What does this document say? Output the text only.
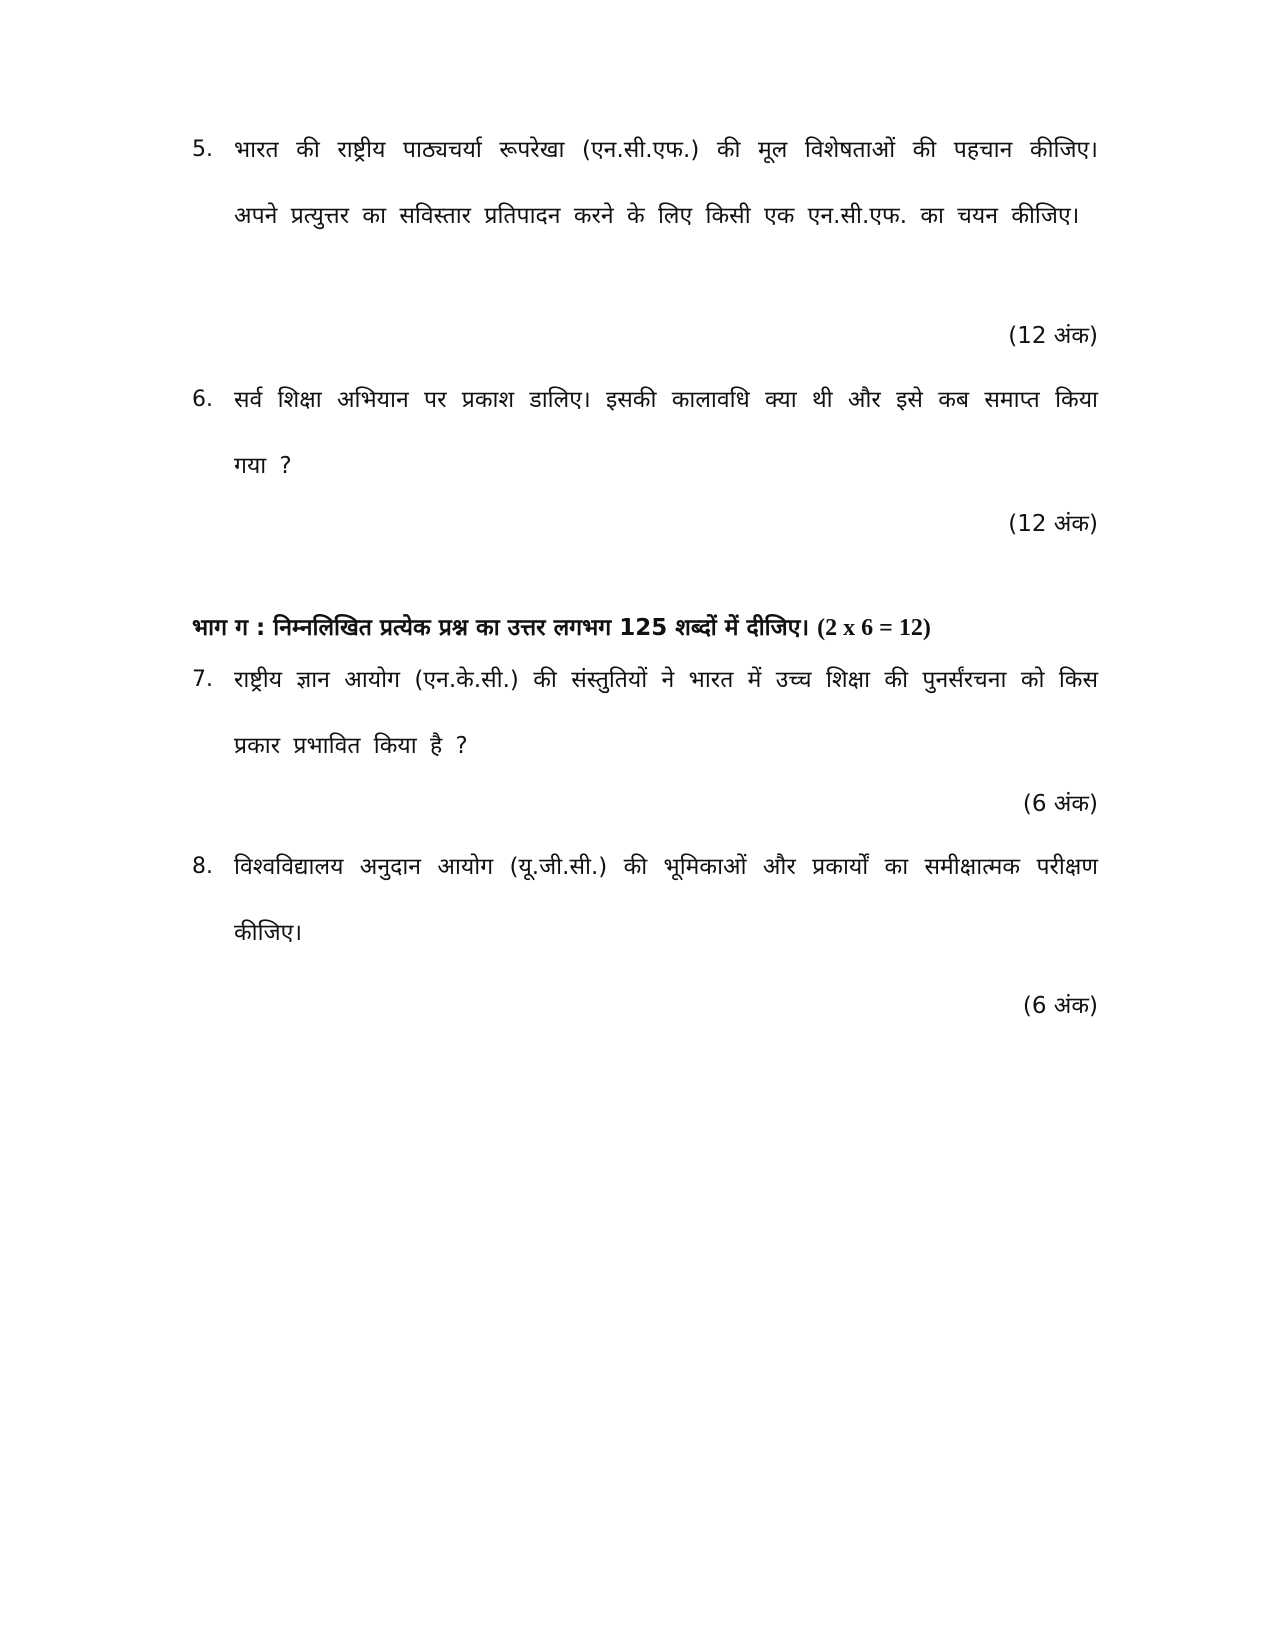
5. भारत की राष्ट्रीय पाठ्यचर्या रूपरेखा (एन.सी.एफ.) की मूल विशेषताओं की पहचान कीजिए। अपने प्रत्युत्तर का सविस्तार प्रतिपादन करने के लिए किसी एक एन.सी.एफ. का चयन कीजिए।
(12 अंक)
6. सर्व शिक्षा अभियान पर प्रकाश डालिए। इसकी कालावधि क्या थी और इसे कब समाप्त किया गया ?
(12 अंक)
भाग ग : निम्नलिखित प्रत्येक प्रश्न का उत्तर लगभग 125 शब्दों में दीजिए। (2 x 6 = 12)
7. राष्ट्रीय ज्ञान आयोग (एन.के.सी.) की संस्तुतियों ने भारत में उच्च शिक्षा की पुनर्संरचना को किस प्रकार प्रभावित किया है ?
(6 अंक)
8. विश्वविद्यालय अनुदान आयोग (यू.जी.सी.) की भूमिकाओं और प्रकार्यों का समीक्षात्मक परीक्षण कीजिए।
(6 अंक)
